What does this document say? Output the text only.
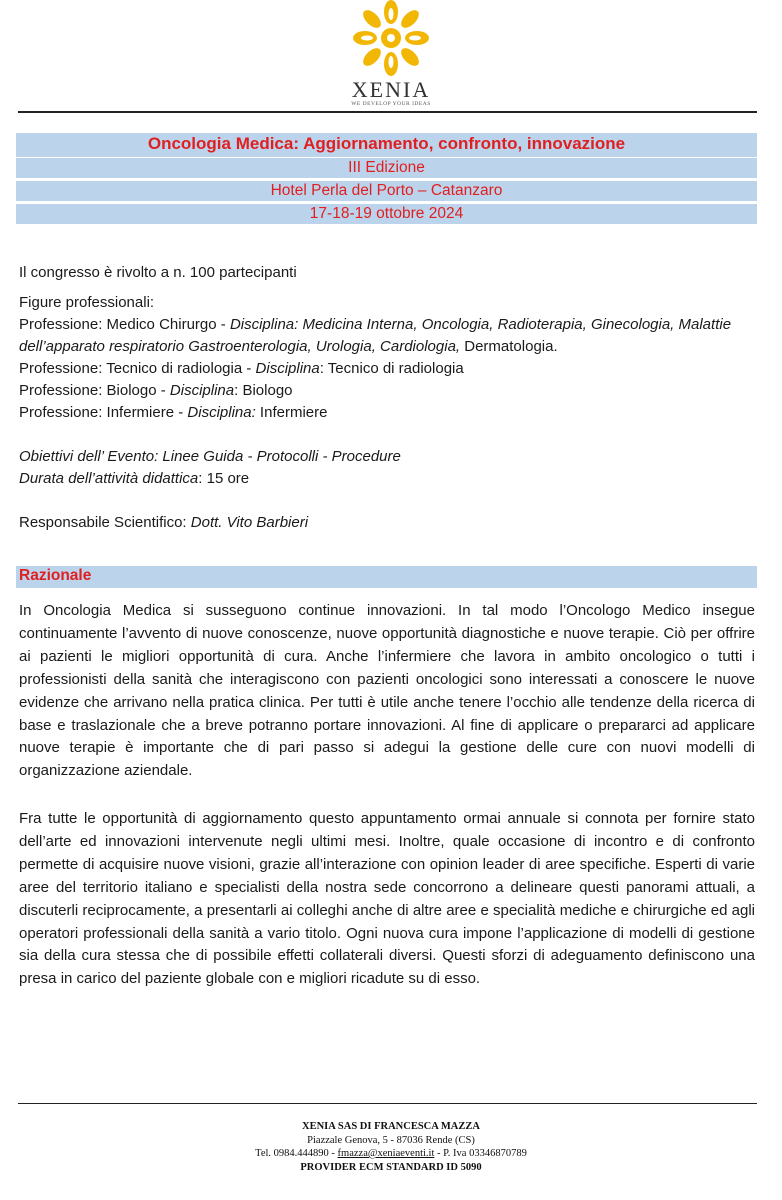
XENIA
WE DEVELOP YOUR IDEAS
Oncologia Medica: Aggiornamento, confronto, innovazione
III Edizione
Hotel Perla del Porto – Catanzaro
17-18-19 ottobre 2024

Il congresso è rivolto a n. 100 partecipanti

Figure professionali:

Professione: Medico Chirurgo - Disciplina: Medicina Interna, Oncologia, Radioterapia, Ginecologia, Malattie dell’apparato respiratorio Gastroenterologia, Urologia, Cardiologia, Dermatologia.

Professione: Tecnico di radiologia - Disciplina: Tecnico di radiologia

Professione: Biologo - Disciplina: Biologo

Professione: Infermiere - Disciplina: Infermiere

Obiettivi dell’ Evento: Linee Guida - Protocolli - Procedure

Durata dell’attività didattica: 15 ore

Responsabile Scientifico: Dott. Vito Barbieri

Razionale
In Oncologia Medica si susseguono continue innovazioni. In tal modo l’Oncologo Medico insegue continuamente l’avvento di nuove conoscenze, nuove opportunità diagnostiche e nuove terapie. Ciò per offrire ai pazienti le migliori opportunità di cura. Anche l’infermiere che lavora in ambito oncologico o tutti i professionisti della sanità che interagiscono con pazienti oncologici sono interessati a conoscere le nuove evidenze che arrivano nella pratica clinica. Per tutti è utile anche tenere l’occhio alle tendenze della ricerca di base e traslazionale che a breve potranno portare innovazioni. Al fine di applicare o prepararci ad applicare nuove terapie è importante che di pari passo si adegui la gestione delle cure con nuovi modelli di organizzazione aziendale.
Fra tutte le opportunità di aggiornamento questo appuntamento ormai annuale si connota per fornire stato dell’arte ed innovazioni intervenute negli ultimi mesi. Inoltre, quale occasione di incontro e di confronto permette di acquisire nuove visioni, grazie all’interazione con opinion leader di aree specifiche. Esperti di varie aree del territorio italiano e specialisti della nostra sede concorrono a delineare questi panorami attuali, a discuterli reciprocamente, a presentarli ai colleghi anche di altre aree e specialità mediche e chirurgiche ed agli operatori professionali della sanità a vario titolo. Ogni nuova cura impone l’applicazione di modelli di gestione sia della cura stessa che di possibile effetti collaterali diversi. Questi sforzi di adeguamento definiscono una presa in carico del paziente globale con e migliori ricadute su di esso.
XENIA SAS DI FRANCESCA MAZZA
Piazzale Genova, 5 - 87036 Rende (CS)
Tel. 0984.444890 - fmazza@xeniaeventi.it - P. Iva 03346870789
PROVIDER ECM STANDARD ID 5090
